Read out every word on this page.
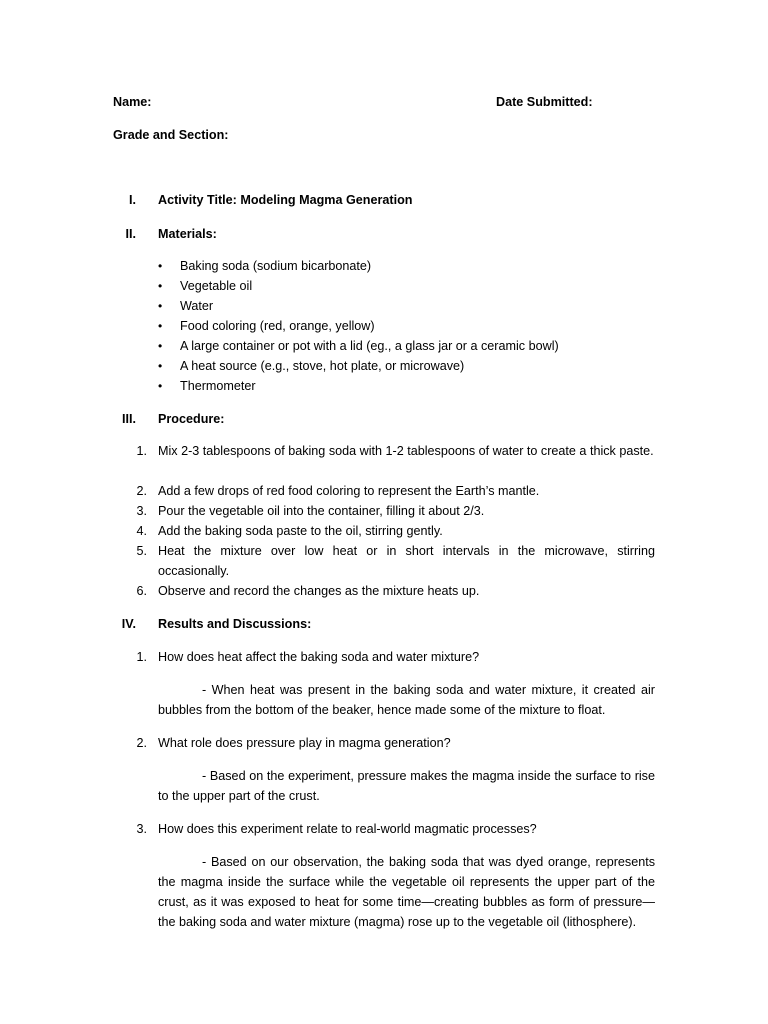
Name:	Date Submitted:
Grade and Section:
I. Activity Title: Modeling Magma Generation
II. Materials:
• Baking soda (sodium bicarbonate)
• Vegetable oil
• Water
• Food coloring (red, orange, yellow)
• A large container or pot with a lid (eg., a glass jar or a ceramic bowl)
• A heat source (e.g., stove, hot plate, or microwave)
• Thermometer
III. Procedure:
1. Mix 2-3 tablespoons of baking soda with 1-2 tablespoons of water to create a thick paste.
2. Add a few drops of red food coloring to represent the Earth’s mantle.
3. Pour the vegetable oil into the container, filling it about 2/3.
4. Add the baking soda paste to the oil, stirring gently.
5. Heat the mixture over low heat or in short intervals in the microwave, stirring occasionally.
6. Observe and record the changes as the mixture heats up.
IV. Results and Discussions:
1. How does heat affect the baking soda and water mixture?
- When heat was present in the baking soda and water mixture, it created air bubbles from the bottom of the beaker, hence made some of the mixture to float.
2. What role does pressure play in magma generation?
- Based on the experiment, pressure makes the magma inside the surface to rise to the upper part of the crust.
3. How does this experiment relate to real-world magmatic processes?
- Based on our observation, the baking soda that was dyed orange, represents the magma inside the surface while the vegetable oil represents the upper part of the crust, as it was exposed to heat for some time—creating bubbles as form of pressure—the baking soda and water mixture (magma) rose up to the vegetable oil (lithosphere).
